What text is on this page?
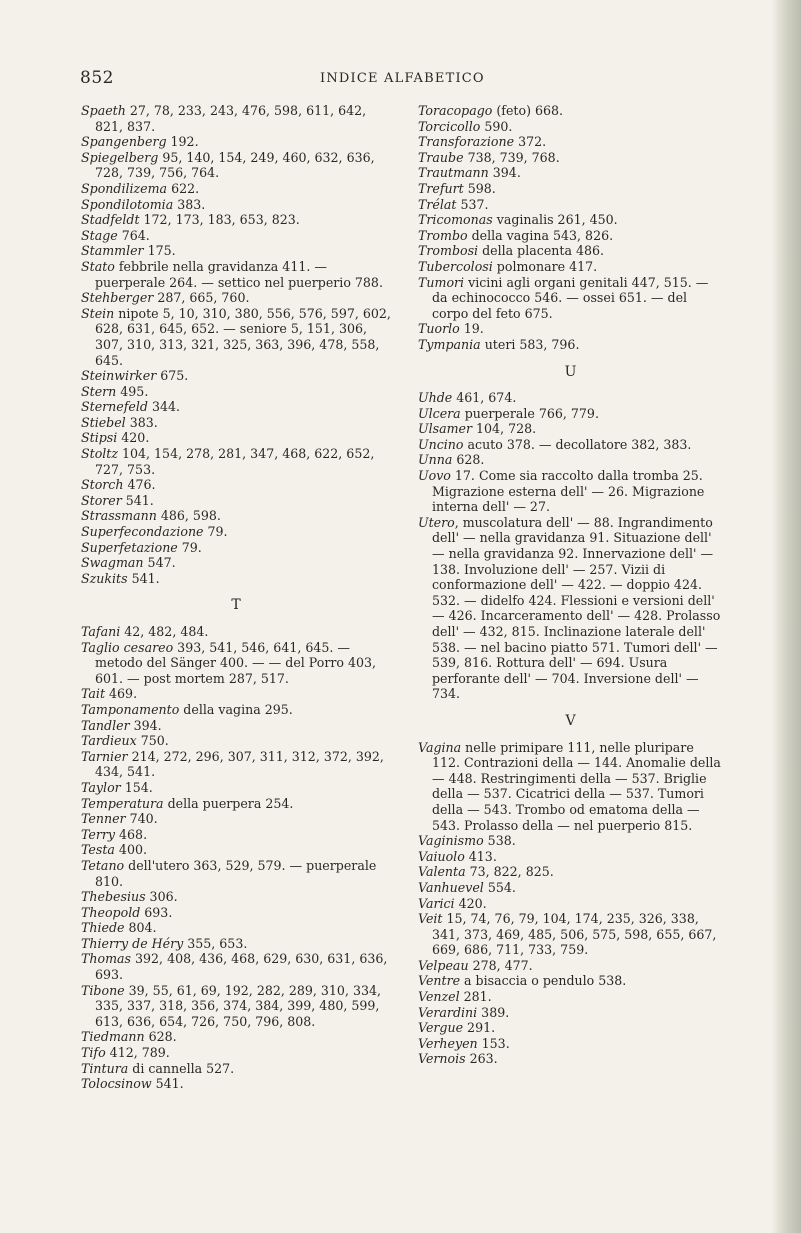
852	INDICE ALFABETICO

Spaeth 27, 78, 233, 243, 476, 598, 611, 642, 821, 837.

Spangenberg 192.

Spiegelberg 95, 140, 154, 249, 460, 632, 636, 728, 739, 756, 764.

Spondilizema 622.

Spondilotomia 383.

Stadfeldt 172, 173, 183, 653, 823.

Stage 764.

Stammler 175.

Stato febbrile nella gravidanza 411. — puerperale 264. — settico nel puerperio 788.

Stehberger 287, 665, 760.

Stein nipote 5, 10, 310, 380, 556, 576, 597, 602, 628, 631, 645, 652. — seniore 5, 151, 306, 307, 310, 313, 321, 325, 363, 396, 478, 558, 645.

Steinwirker 675.

Stern 495.

Sternefeld 344.

Stiebel 383.

Stipsi 420.

Stoltz 104, 154, 278, 281, 347, 468, 622, 652, 727, 753.

Storch 476.

Storer 541.

Strassmann 486, 598.

Superfecondazione 79.

Superfetazione 79.

Swagman 547.

Szukits 541.

T

Tafani 42, 482, 484.

Taglio cesareo 393, 541, 546, 641, 645. — metodo del Sänger 400. — — del Porro 403, 601. — post mortem 287, 517.

Tait 469.

Tamponamento della vagina 295.

Tandler 394.

Tardieux 750.

Tarnier 214, 272, 296, 307, 311, 312, 372, 392, 434, 541.

Taylor 154.

Temperatura della puerpera 254.

Tenner 740.

Terry 468.

Testa 400.

Tetano dell'utero 363, 529, 579. — puerperale 810.

Thebesius 306.

Theopold 693.

Thiede 804.

Thierry de Héry 355, 653.

Thomas 392, 408, 436, 468, 629, 630, 631, 636, 693.

Tibone 39, 55, 61, 69, 192, 282, 289, 310, 334, 335, 337, 318, 356, 374, 384, 399, 480, 599, 613, 636, 654, 726, 750, 796, 808.

Tiedmann 628.

Tifo 412, 789.

Tintura di cannella 527.

Tolocsinow 541.

Toracopago (feto) 668.

Torcicollo 590.

Transforazione 372.

Traube 738, 739, 768.

Trautmann 394.

Trefurt 598.

Trélat 537.

Tricomonas vaginalis 261, 450.

Trombo della vagina 543, 826.

Trombosi della placenta 486.

Tubercolosi polmonare 417.

Tumori vicini agli organi genitali 447, 515. — da echinococco 546. — ossei 651. — del corpo del feto 675.

Tuorlo 19.

Tympania uteri 583, 796.

U

Uhde 461, 674.

Ulcera puerperale 766, 779.

Ulsamer 104, 728.

Uncino acuto 378. — decollatore 382, 383.

Unna 628.

Uovo 17. Come sia raccolto dalla tromba 25. Migrazione esterna dell' — 26. Migrazione interna dell' — 27.

Utero, muscolatura dell' — 88. Ingrandimento dell' — nella gravidanza 91. Situazione dell' — nella gravidanza 92. Innervazione dell' — 138. Involuzione dell' — 257. Vizii di conformazione dell' — 422. — doppio 424. 532. — didelfo 424. Flessioni e versioni dell' — 426. Incarceramento dell' — 428. Prolasso dell' — 432, 815. Inclinazione laterale dell' 538. — nel bacino piatto 571. Tumori dell' — 539, 816. Rottura dell' — 694. Usura perforante dell' — 704. Inversione dell' — 734.

V

Vagina nelle primipare 111, nelle pluripare 112. Contrazioni della — 144. Anomalie della — 448. Restringimenti della — 537. Briglie della — 537. Cicatrici della — 537. Tumori della — 543. Trombo od ematoma della — 543. Prolasso della — nel puerperio 815.

Vaginismo 538.

Vaiuolo 413.

Valenta 73, 822, 825.

Vanhuevel 554.

Varici 420.

Veit 15, 74, 76, 79, 104, 174, 235, 326, 338, 341, 373, 469, 485, 506, 575, 598, 655, 667, 669, 686, 711, 733, 759.

Velpeau 278, 477.

Ventre a bisaccia o pendulo 538.

Venzel 281.

Verardini 389.

Vergue 291.

Verheyen 153.

Vernois 263.
